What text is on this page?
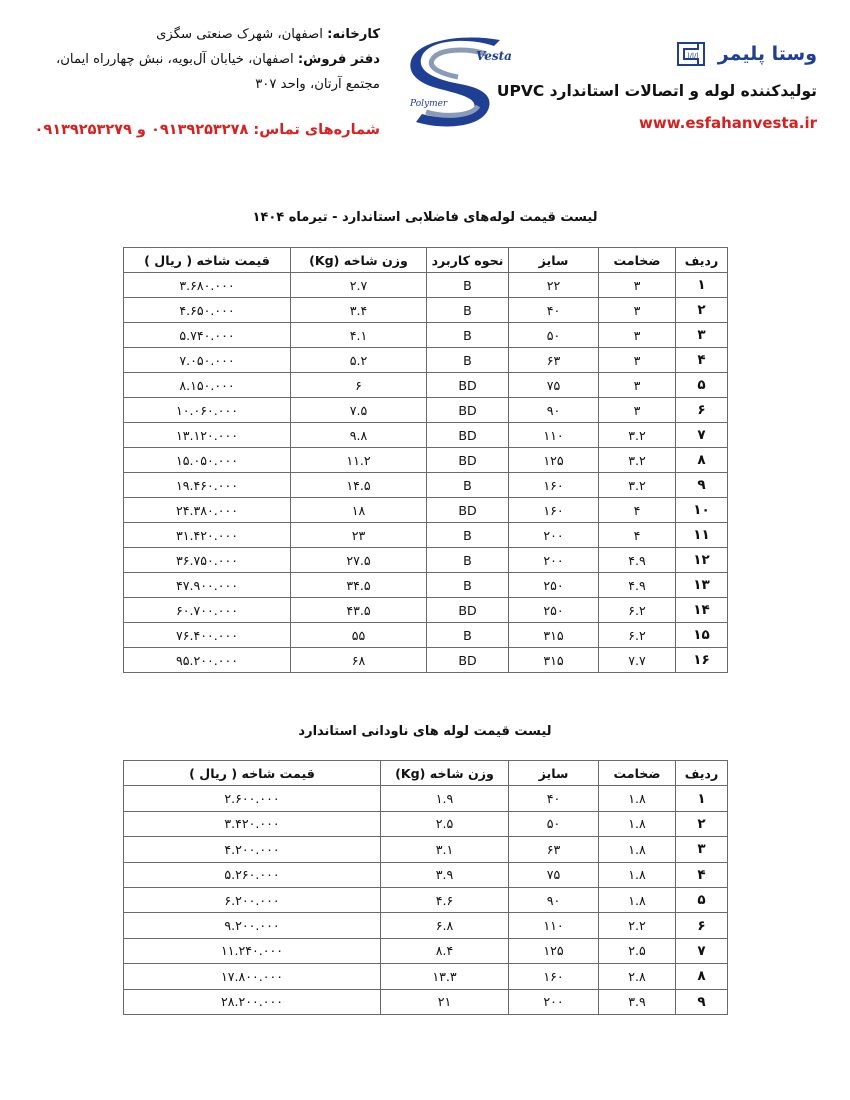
وستا پلیمر
ا/ا/ا
تولیدکننده لوله و اتصالات استاندارد UPVC
www.esfahanvesta.ir
Vesta
Polymer
کارخانه: اصفهان، شهرک صنعتی سگزی
دفتر فروش: اصفهان، خیابان آل‌بویه، نبش چهارراه ایمان، مجتمع آرتان، واحد ۳۰۷
شماره‌های تماس: ۰۹۱۳۹۲۵۳۲۷۸ و ۰۹۱۳۹۲۵۳۲۷۹
لیست قیمت لوله‌های فاضلابی استاندارد - تیرماه ۱۴۰۴
ردیف	ضخامت	سایز	نحوه کاربرد	وزن شاخه (Kg)	قیمت شاخه ( ریال )
۱	۳	۲۲	B	۲.۷	۳.۶۸۰.۰۰۰
۲	۳	۴۰	B	۳.۴	۴.۶۵۰.۰۰۰
۳	۳	۵۰	B	۴.۱	۵.۷۴۰.۰۰۰
۴	۳	۶۳	B	۵.۲	۷.۰۵۰.۰۰۰
۵	۳	۷۵	BD	۶	۸.۱۵۰.۰۰۰
۶	۳	۹۰	BD	۷.۵	۱۰.۰۶۰.۰۰۰
۷	۳.۲	۱۱۰	BD	۹.۸	۱۳.۱۲۰.۰۰۰
۸	۳.۲	۱۲۵	BD	۱۱.۲	۱۵.۰۵۰.۰۰۰
۹	۳.۲	۱۶۰	B	۱۴.۵	۱۹.۴۶۰.۰۰۰
۱۰	۴	۱۶۰	BD	۱۸	۲۴.۳۸۰.۰۰۰
۱۱	۴	۲۰۰	B	۲۳	۳۱.۴۲۰.۰۰۰
۱۲	۴.۹	۲۰۰	B	۲۷.۵	۳۶.۷۵۰.۰۰۰
۱۳	۴.۹	۲۵۰	B	۳۴.۵	۴۷.۹۰۰.۰۰۰
۱۴	۶.۲	۲۵۰	BD	۴۳.۵	۶۰.۷۰۰.۰۰۰
۱۵	۶.۲	۳۱۵	B	۵۵	۷۶.۴۰۰.۰۰۰
۱۶	۷.۷	۳۱۵	BD	۶۸	۹۵.۲۰۰.۰۰۰
لیست قیمت لوله های ناودانی استاندارد
ردیف	ضخامت	سایز	وزن شاخه (Kg)	قیمت شاخه ( ریال )
۱	۱.۸	۴۰	۱.۹	۲.۶۰۰.۰۰۰
۲	۱.۸	۵۰	۲.۵	۳.۴۲۰.۰۰۰
۳	۱.۸	۶۳	۳.۱	۴.۲۰۰.۰۰۰
۴	۱.۸	۷۵	۳.۹	۵.۲۶۰.۰۰۰
۵	۱.۸	۹۰	۴.۶	۶.۲۰۰.۰۰۰
۶	۲.۲	۱۱۰	۶.۸	۹.۲۰۰.۰۰۰
۷	۲.۵	۱۲۵	۸.۴	۱۱.۲۴۰.۰۰۰
۸	۲.۸	۱۶۰	۱۳.۳	۱۷.۸۰۰.۰۰۰
۹	۳.۹	۲۰۰	۲۱	۲۸.۲۰۰.۰۰۰
